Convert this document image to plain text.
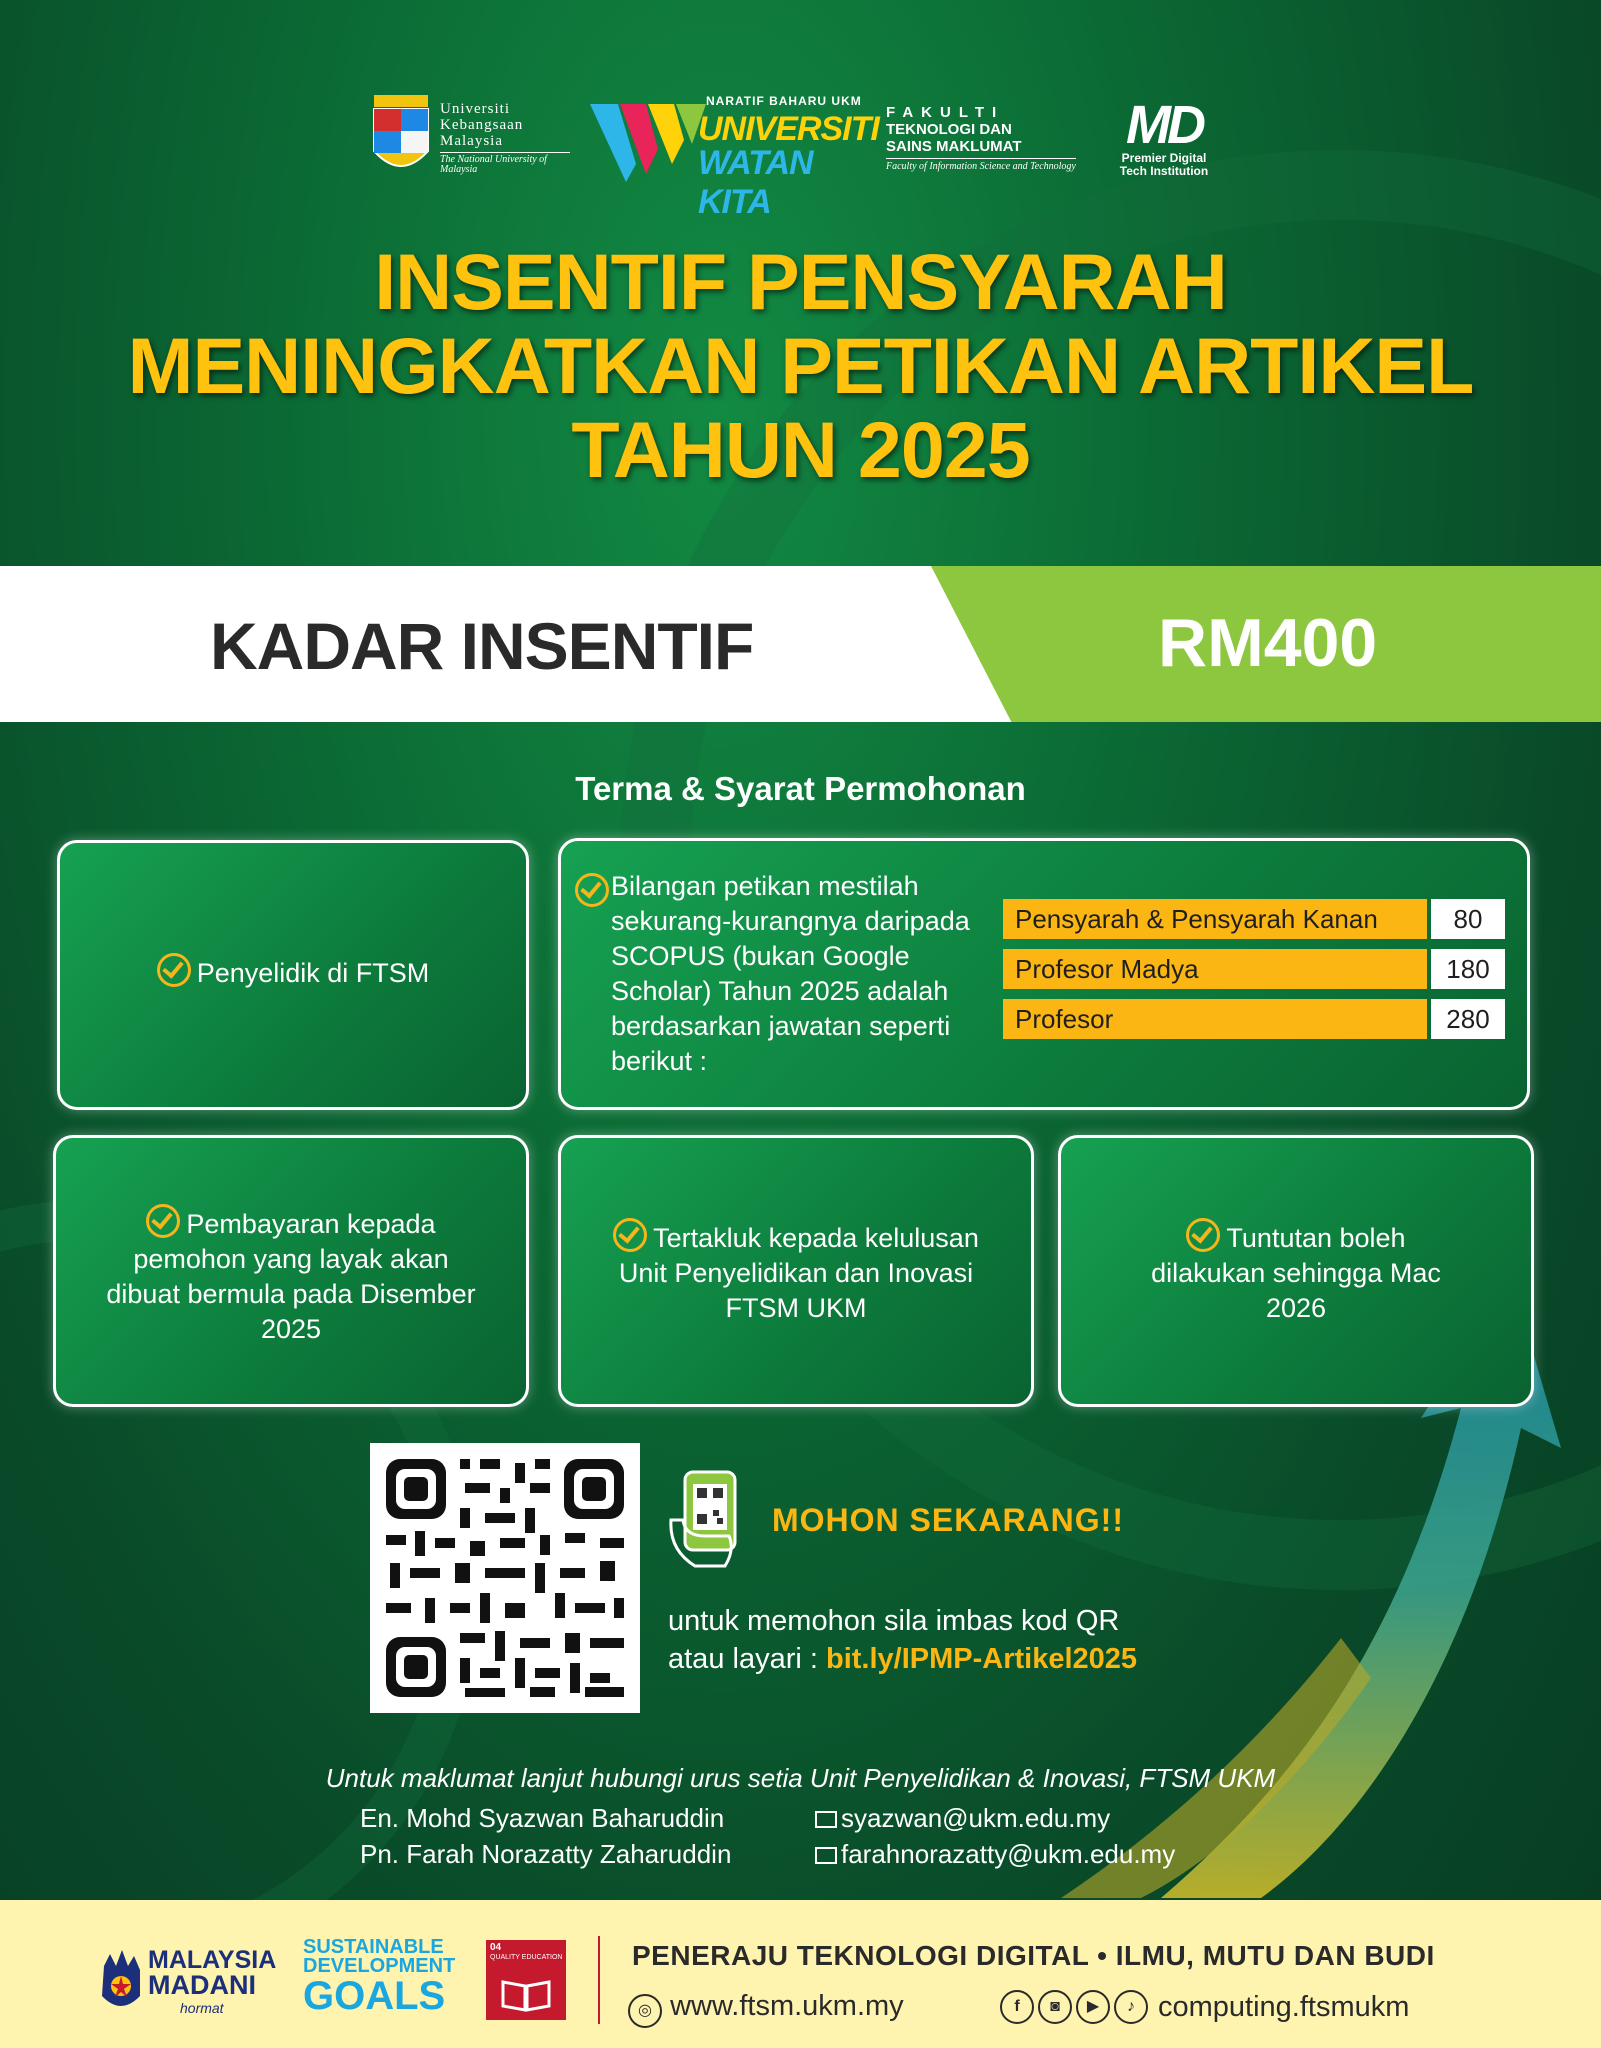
Universiti
Kebangsaan
Malaysia
The National University of Malaysia
NARATIF BAHARU UKM
UNIVERSITI
WATAN KITA
FAKULTI
TEKNOLOGI DAN
SAINS MAKLUMAT
Faculty of Information Science and Technology
MD
Premier Digital
Tech Institution
INSENTIF PENSYARAH
MENINGKATKAN PETIKAN ARTIKEL
TAHUN 2025
KADAR INSENTIF	RM400
Terma & Syarat Permohonan
Penyelidik di FTSM
Bilangan petikan mestilah sekurang-kurangnya daripada SCOPUS (bukan Google Scholar) Tahun 2025 adalah berdasarkan jawatan seperti berikut :
Pensyarah & Pensyarah Kanan	80
Profesor Madya	180
Profesor	280
Pembayaran kepada pemohon yang layak akan dibuat bermula pada Disember 2025
Tertakluk kepada kelulusan Unit Penyelidikan dan Inovasi FTSM UKM
Tuntutan boleh dilakukan sehingga Mac 2026
MOHON SEKARANG!!
untuk memohon sila imbas kod QR
atau layari : bit.ly/IPMP-Artikel2025
Untuk maklumat lanjut hubungi urus setia Unit Penyelidikan & Inovasi, FTSM UKM
En. Mohd Syazwan Baharuddin	syazwan@ukm.edu.my
Pn. Farah Norazatty Zaharuddin	farahnorazatty@ukm.edu.my
MALAYSIA
MADANI
hormat
SUSTAINABLE
DEVELOPMENT
GOALS
04
QUALITY EDUCATION PENERAJU TEKNOLOGI DIGITAL • ILMU, MUTU DAN BUDI
◎ www.ftsm.ukm.my	f	◙	▶	♪ computing.ftsmukm
